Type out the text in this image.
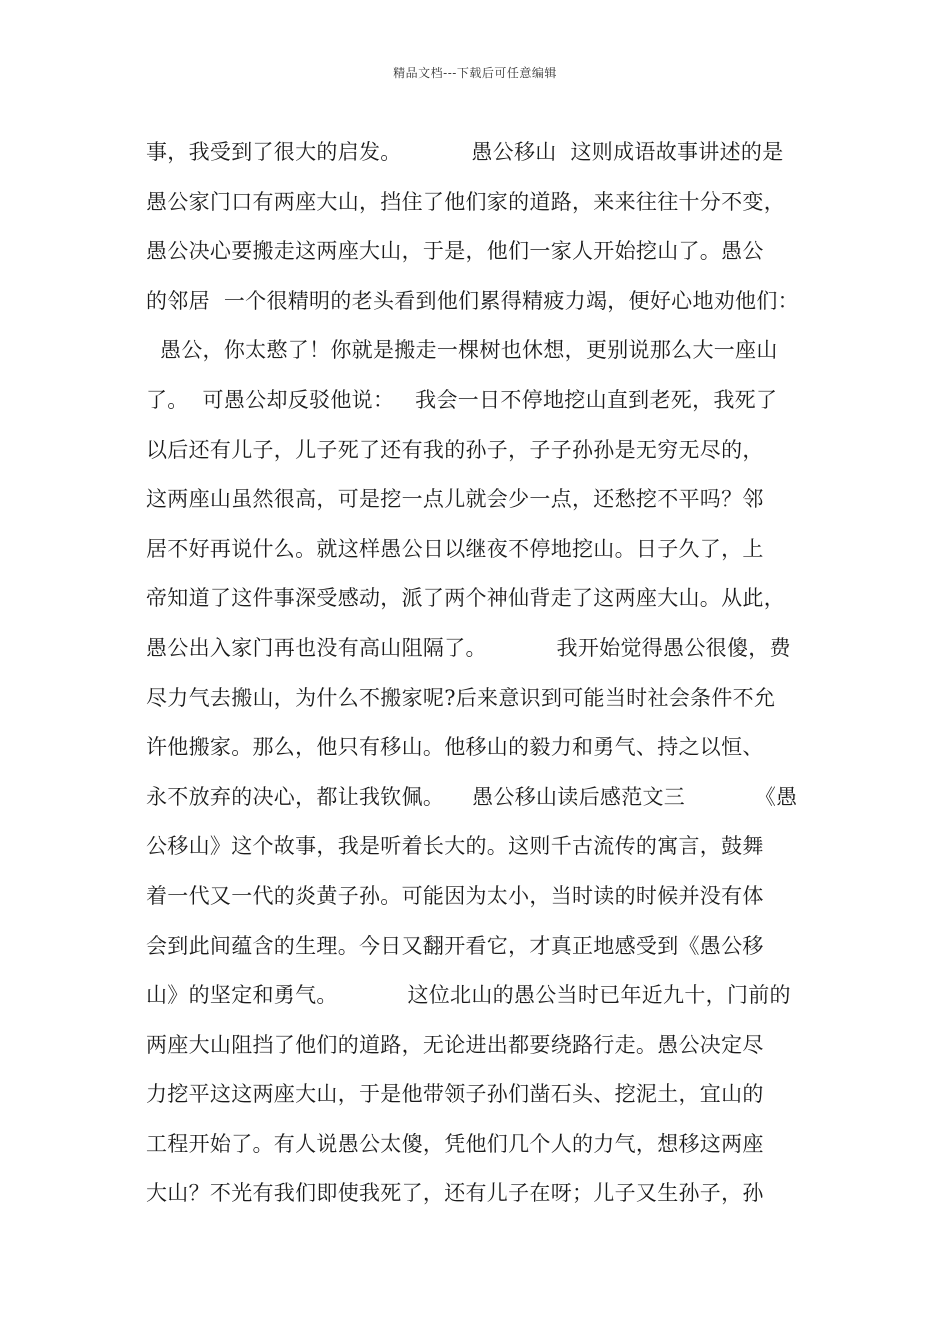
精品文档---下载后可任意编辑
事，我受到了很大的启发。          愚公移山  这则成语故事讲述的是
愚公家门口有两座大山，挡住了他们家的道路，来来往往十分不变，
愚公决心要搬走这两座大山，于是，他们一家人开始挖山了。愚公
的邻居  一个很精明的老头看到他们累得精疲力竭，便好心地劝他们：
愚公，你太憨了！你就是搬走一棵树也休想，更别说那么大一座山
了。  可愚公却反驳他说：   我会一日不停地挖山直到老死，我死了
以后还有儿子，儿子死了还有我的孙子，子子孙孙是无穷无尽的，
这两座山虽然很高，可是挖一点儿就会少一点，还愁挖不平吗？邻
居不好再说什么。就这样愚公日以继夜不停地挖山。日子久了，上
帝知道了这件事深受感动，派了两个神仙背走了这两座大山。从此，
愚公出入家门再也没有高山阻隔了。          我开始觉得愚公很傻，费
尽力气去搬山，为什么不搬家呢?后来意识到可能当时社会条件不允
许他搬家。那么，他只有移山。他移山的毅力和勇气、持之以恒、
永不放弃的决心，都让我钦佩。    愚公移山读后感范文三          《愚
公移山》这个故事，我是听着长大的。这则千古流传的寓言，鼓舞
着一代又一代的炎黄子孙。可能因为太小，当时读的时候并没有体
会到此间蕴含的生理。今日又翻开看它，才真正地感受到《愚公移
山》的坚定和勇气。          这位北山的愚公当时已年近九十，门前的
两座大山阻挡了他们的道路，无论进出都要绕路行走。愚公决定尽
力挖平这这两座大山，于是他带领子孙们凿石头、挖泥土，宜山的
工程开始了。有人说愚公太傻，凭他们几个人的力气，想移这两座
大山？不光有我们即使我死了，还有儿子在呀；儿子又生孙子，孙
